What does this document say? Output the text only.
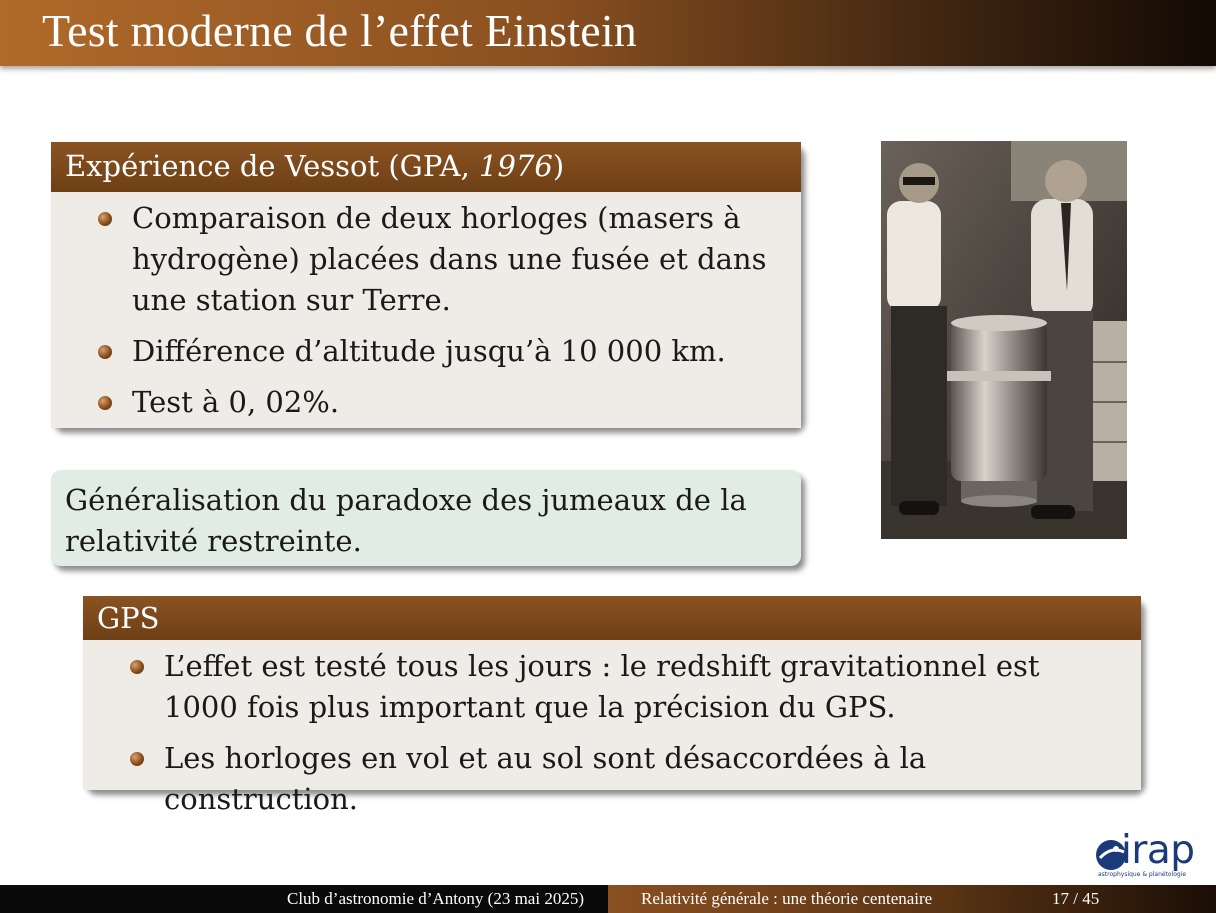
Test moderne de l’effet Einstein
Expérience de Vessot (GPA, 1976)
Comparaison de deux horloges (masers à hydrogène) placées dans une fusée et dans une station sur Terre.
Différence d’altitude jusqu’à 10 000 km.
Test à 0, 02%.

Généralisation du paradoxe des jumeaux de la relativité restreinte.

GPS
L’effet est testé tous les jours : le redshift gravitationnel est 1000 fois plus important que la précision du GPS.
Les horloges en vol et au sol sont désaccordées à la construction.
irap
astrophysique & planétologie
Club d’astronomie d’Antony (23 mai 2025)	Relativité générale : une théorie centenaire	17 / 45
